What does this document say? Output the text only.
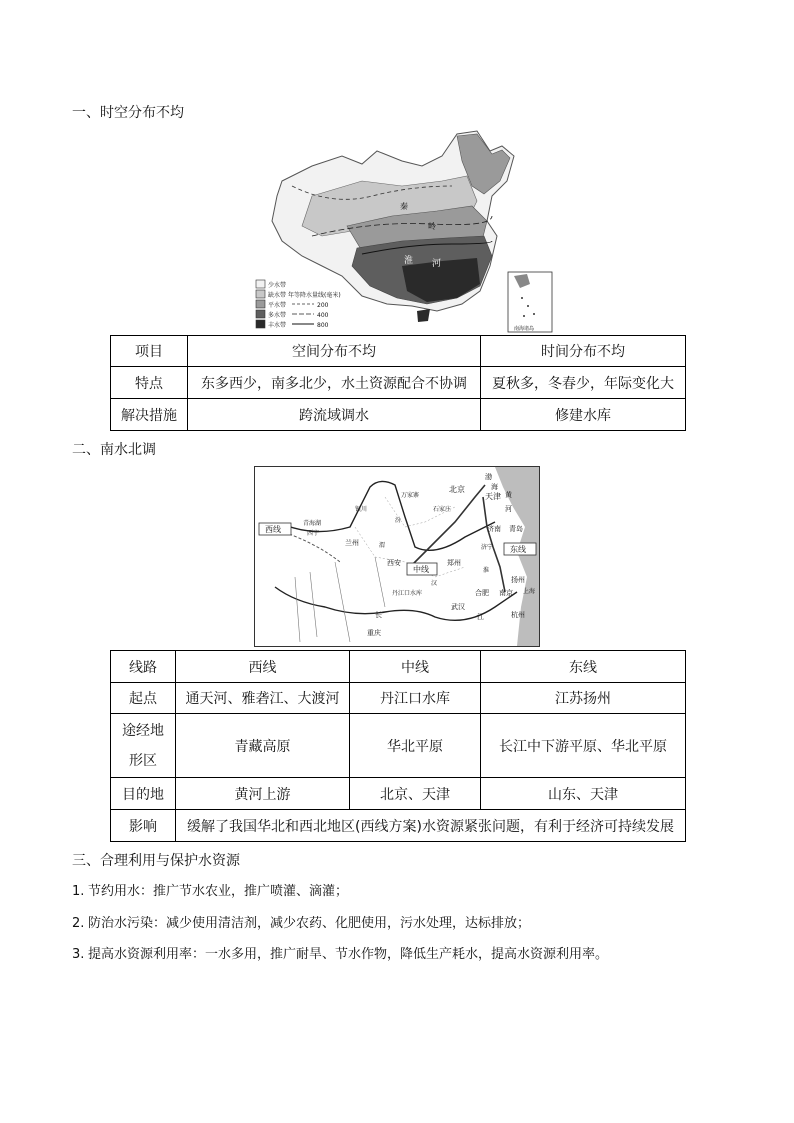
一、时空分布不均
秦
岭
淮 河
少水带
缺水带
平水带
多水带
丰水带
年等降水量线(毫米)
200
400
800	南海诸岛
项目	空间分布不均	时间分布不均
特点	东多西少，南多北少，水土资源配合不协调	夏秋多，冬春少，年际变化大
解决措施	跨流域调水	修建水库
二、南水北调
西线
中线
东线
北京
天津
万家寨
银川	石家庄
济南 青岛
兰州
西宁
西安	郑州
济宁
丹江口水库	合肥 南京 上海
扬州
杭州
武汉
重庆
青海湖
渤
海
黄
河
长	江
汾
渭
汉
淮
线路	西线	中线	东线
起点	通天河、雅砻江、大渡河	丹江口水库	江苏扬州
途经地形区	青藏高原	华北平原	长江中下游平原、华北平原
目的地	黄河上游	北京、天津	山东、天津
影响	缓解了我国华北和西北地区(西线方案)水资源紧张问题，有利于经济可持续发展		
三、合理利用与保护水资源
1. 节约用水：推广节水农业，推广喷灌、滴灌；
2. 防治水污染：减少使用清洁剂，减少农药、化肥使用，污水处理，达标排放；
3. 提高水资源利用率：一水多用，推广耐旱、节水作物，降低生产耗水，提高水资源利用率。
